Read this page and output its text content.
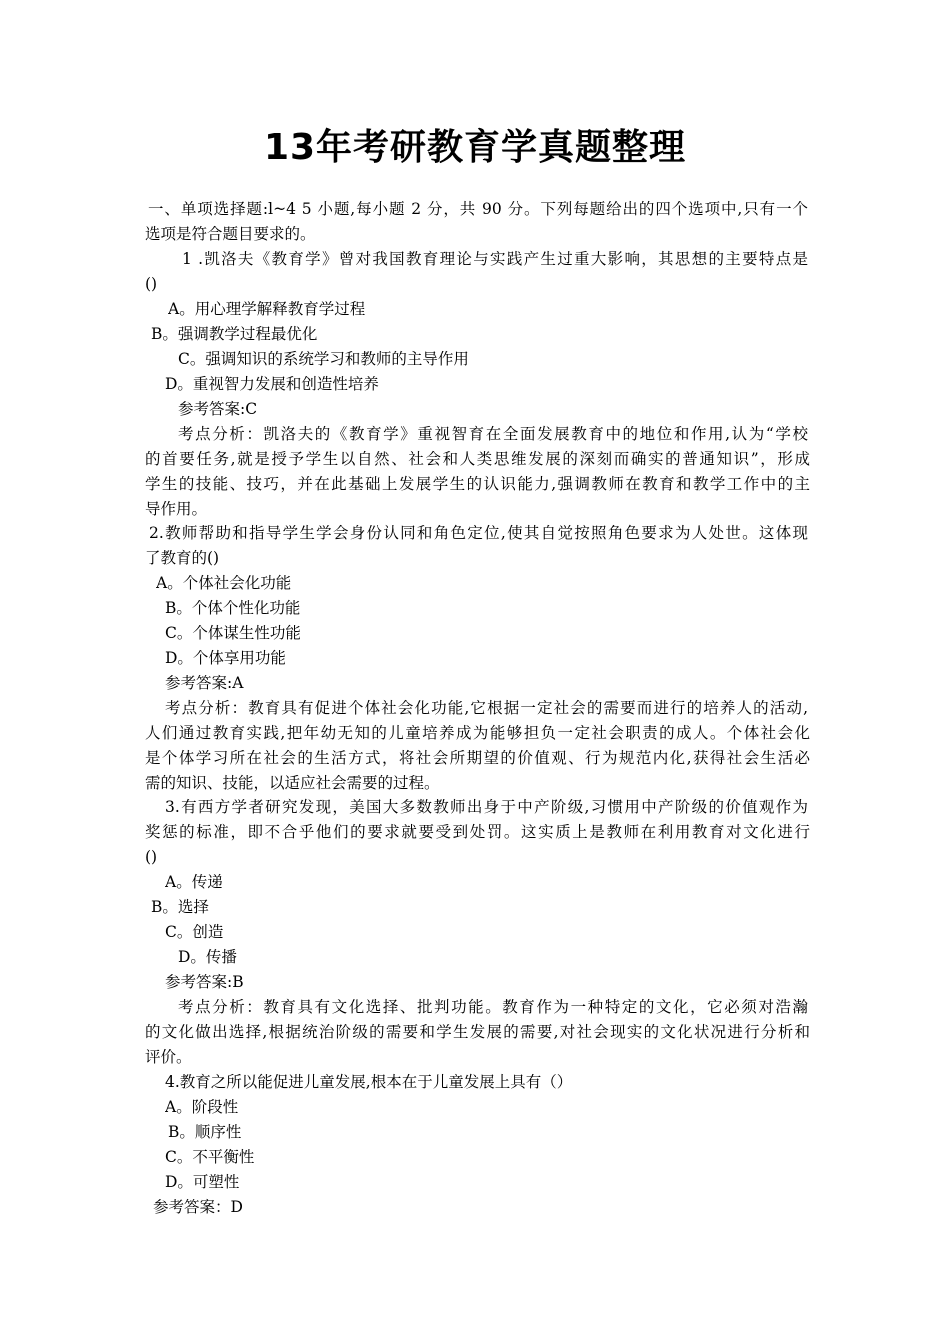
13年考研教育学真题整理
一、单项选择题:l~4 5 小题,每小题 2 分，共 90 分。下列每题给出的四个选项中,只有一个
选项是符合题目要求的。
1 .凯洛夫《教育学》曾对我国教育理论与实践产生过重大影响，其思想的主要特点是
()
A。用心理学解释教育学过程
B。强调教学过程最优化
C。强调知识的系统学习和教师的主导作用
D。重视智力发展和创造性培养
参考答案:C
考点分析：凯洛夫的《教育学》重视智育在全面发展教育中的地位和作用,认为“学校
的首要任务,就是授予学生以自然、社会和人类思维发展的深刻而确实的普通知识”，形成
学生的技能、技巧，并在此基础上发展学生的认识能力,强调教师在教育和教学工作中的主
导作用。
2.教师帮助和指导学生学会身份认同和角色定位,使其自觉按照角色要求为人处世。这体现
了教育的()
A。个体社会化功能
B。个体个性化功能
C。个体谋生性功能
D。个体享用功能
参考答案:A
考点分析：教育具有促进个体社会化功能,它根据一定社会的需要而进行的培养人的活动,
人们通过教育实践,把年幼无知的儿童培养成为能够担负一定社会职责的成人。个体社会化
是个体学习所在社会的生活方式，将社会所期望的价值观、行为规范内化,获得社会生活必
需的知识、技能，以适应社会需要的过程。
3.有西方学者研究发现，美国大多数教师出身于中产阶级,习惯用中产阶级的价值观作为
奖惩的标准，即不合乎他们的要求就要受到处罚。这实质上是教师在利用教育对文化进行
()
A。传递
B。选择
C。创造
D。传播
参考答案:B
考点分析：教育具有文化选择、批判功能。教育作为一种特定的文化，它必须对浩瀚
的文化做出选择,根据统治阶级的需要和学生发展的需要,对社会现实的文化状况进行分析和
评价。
4.教育之所以能促进儿童发展,根本在于儿童发展上具有（）
A。阶段性
B。顺序性
C。不平衡性
D。可塑性
参考答案：D
